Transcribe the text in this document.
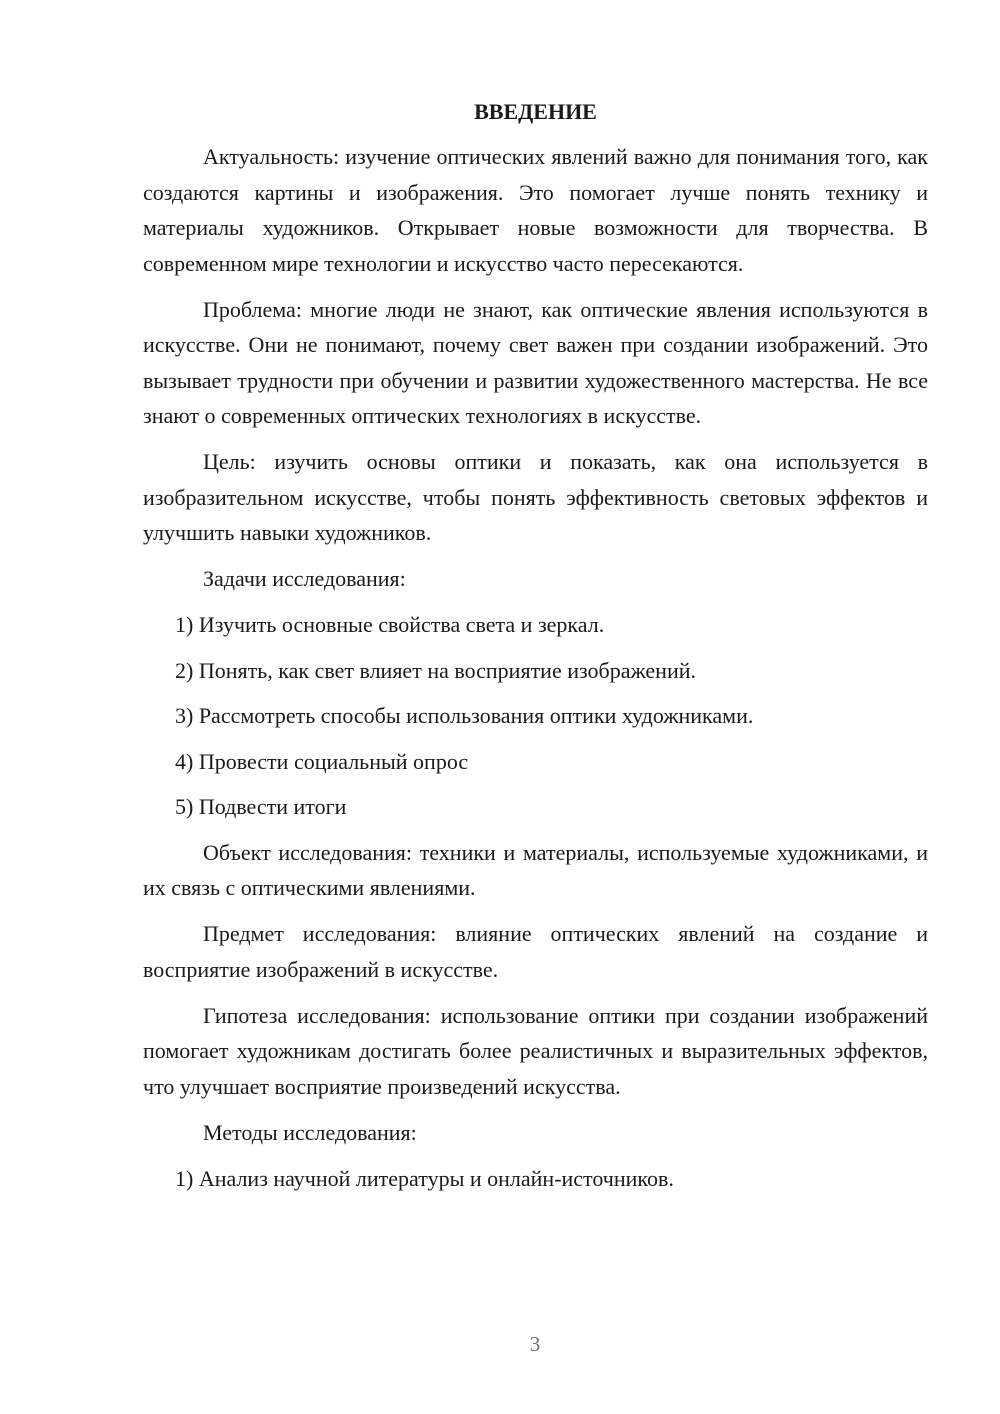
ВВЕДЕНИЕ

Актуальность: изучение оптических явлений важно для понимания того, как создаются картины и изображения. Это помогает лучше понять технику и материалы художников. Открывает новые возможности для творчества. В современном мире технологии и искусство часто пересекаются.

Проблема: многие люди не знают, как оптические явления используются в искусстве. Они не понимают, почему свет важен при создании изображений. Это вызывает трудности при обучении и развитии художественного мастерства. Не все знают о современных оптических технологиях в искусстве.

Цель: изучить основы оптики и показать, как она используется в изобразительном искусстве, чтобы понять эффективность световых эффектов и улучшить навыки художников.

Задачи исследования:

1) Изучить основные свойства света и зеркал.
2) Понять, как свет влияет на восприятие изображений.
3) Рассмотреть способы использования оптики художниками.
4) Провести социальный опрос
5) Подвести итоги

Объект исследования: техники и материалы, используемые художниками, и их связь с оптическими явлениями.

Предмет исследования: влияние оптических явлений на создание и восприятие изображений в искусстве.

Гипотеза исследования: использование оптики при создании изображений помогает художникам достигать более реалистичных и выразительных эффектов, что улучшает восприятие произведений искусства.

Методы исследования:

1) Анализ научной литературы и онлайн-источников.
3
